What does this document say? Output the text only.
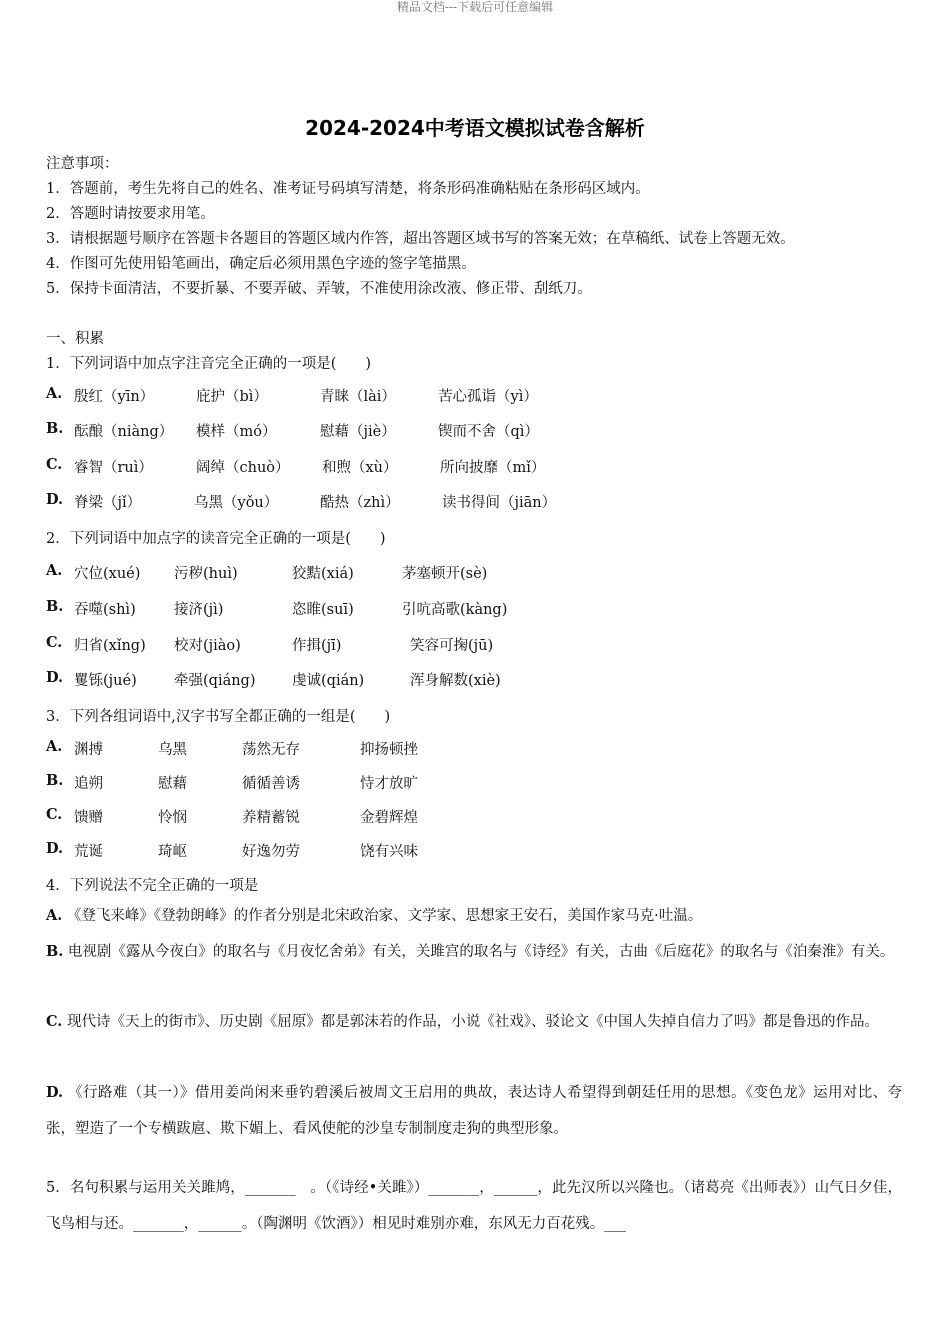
精品文档---下载后可任意编辑
2024-2024中考语文模拟试卷含解析
注意事项：
1．答题前，考生先将自己的姓名、准考证号码填写清楚，将条形码准确粘贴在条形码区域内。
2．答题时请按要求用笔。
3．请根据题号顺序在答题卡各题目的答题区域内作答，超出答题区域书写的答案无效；在草稿纸、试卷上答题无效。
4．作图可先使用铅笔画出，确定后必须用黑色字迹的签字笔描黑。
5．保持卡面清洁，不要折暴、不要弄破、弄皱，不准使用涂改液、修正带、刮纸刀。
一、积累
1．下列词语中加点字注音完全正确的一项是(　　)
A. 殷红（yīn）	庇护（bì）	青睐（lài）	苦心孤诣（yì）
B. 酝酿（niàng） 模样（mó）	慰藉（jiè）	锲而不舍（qì）
C. 睿智（ruì）	阔绰（chuò） 和煦（xù）	所向披靡（mǐ）
D. 脊梁（jǐ）	乌黑（yǒu）	酷热（zhì）	读书得间（jiān）
2．下列词语中加点字的读音完全正确的一项是(　　)
A. 穴位(xué) 污秽(huì)	狡黠(xiá)	茅塞顿开(sè)
B. 吞噬(shì)	接济(jì)	恣睢(suī)	引吭高歌(kàng)
C. 归省(xǐng) 校对(jiào)	作揖(jī)	笑容可掬(jū)
D. 矍铄(jué)	牵强(qiáng)	虔诚(qián)	浑身解数(xiè)
3．下列各组词语中,汉字书写全都正确的一组是(　　)
A. 渊搏	乌黑	荡然无存	抑扬顿挫
B. 追朔	慰藉	循循善诱	恃才放旷
C. 馈赠	怜悯	养精蓄锐	金碧辉煌
D. 荒诞	琦岖	好逸勿劳	饶有兴味
4．下列说法不完全正确的一项是
A. 《登飞来峰》《登勃朗峰》的作者分别是北宋政治家、文学家、思想家王安石，美国作家马克·吐温。
B. 电视剧《露从今夜白》的取名与《月夜忆舍弟》有关，关雎宫的取名与《诗经》有关，古曲《后庭花》的取名与《泊秦淮》有关。
C. 现代诗《天上的街市》、历史剧《屈原》都是郭沫若的作品，小说《社戏》、驳论文《中国人失掉自信力了吗》都是鲁迅的作品。
D. 《行路难（其一）》借用姜尚闲来垂钓碧溪后被周文王启用的典故，表达诗人希望得到朝廷任用的思想。《变色龙》运用对比、夸张，塑造了一个专横跋扈、欺下媚上、看风使舵的沙皇专制制度走狗的典型形象。
5．名句积累与运用关关雎鸠，_______　。（《诗经•关雎》）_______，______，此先汉所以兴隆也。（诸葛亮《出师表》）山气日夕佳，飞鸟相与还。_______，______。（陶渊明《饮酒》）相见时难别亦难，东风无力百花残。___
